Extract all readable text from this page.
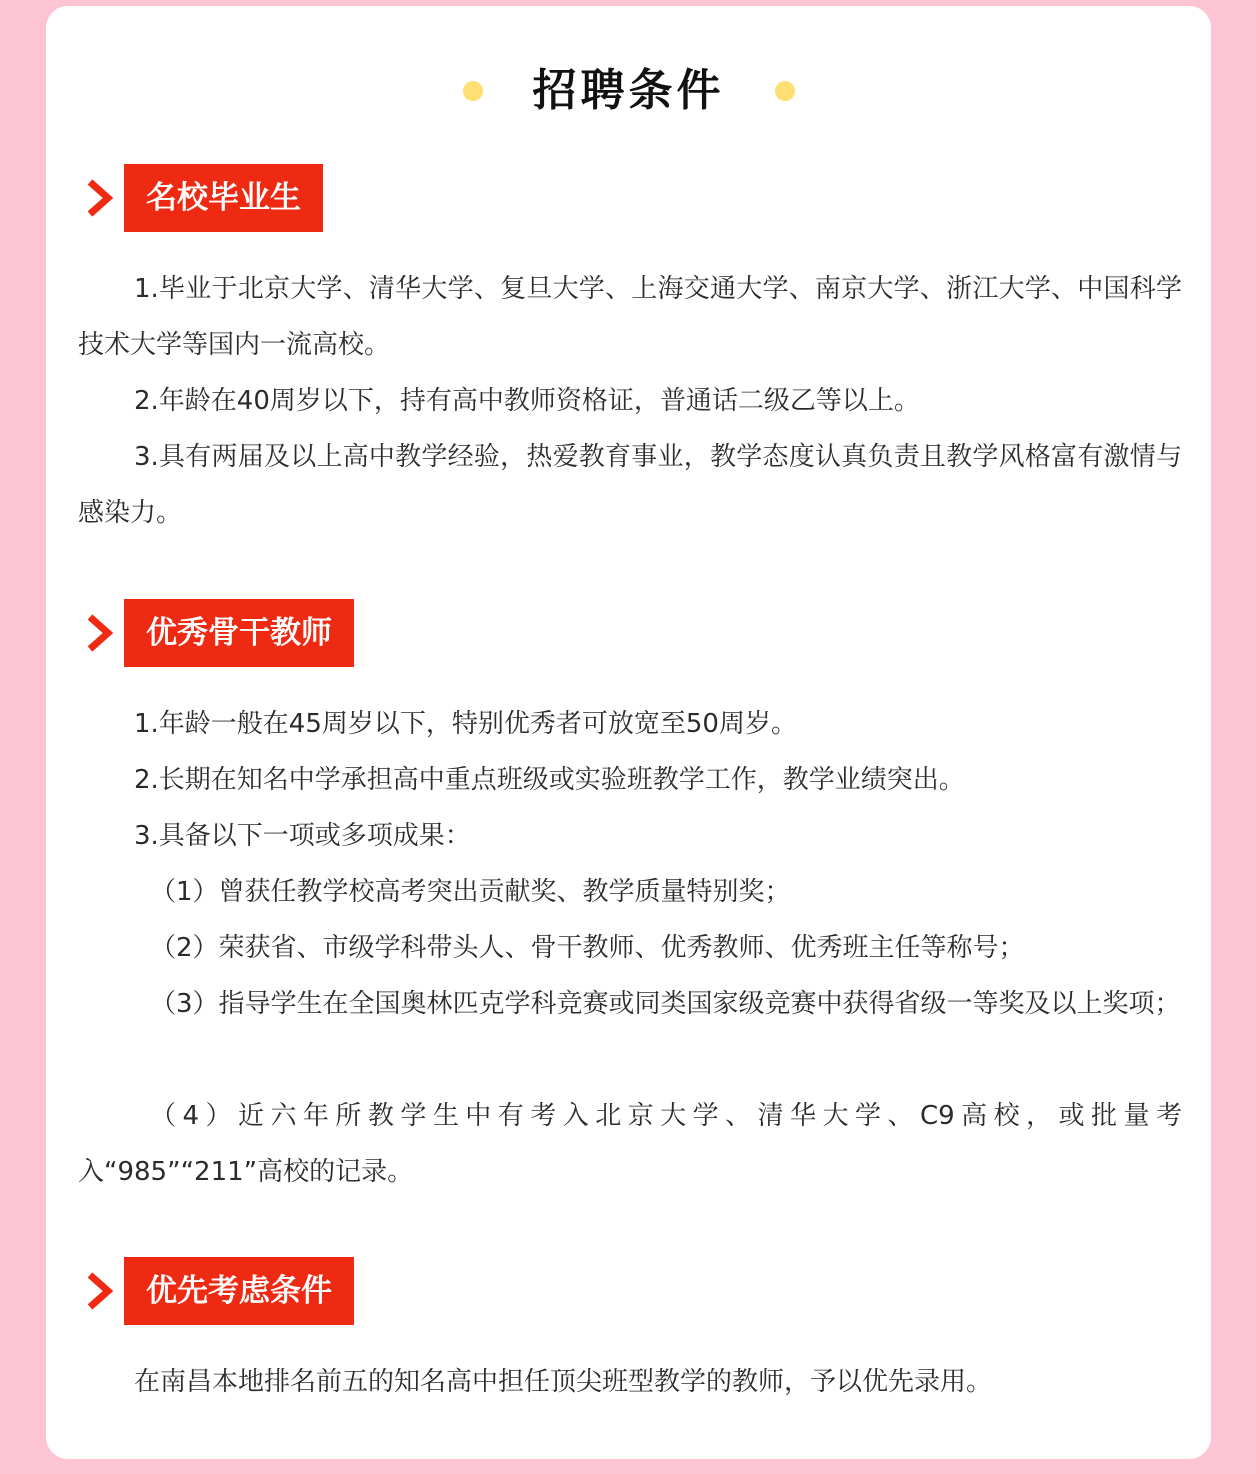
招聘条件
名校毕业生

1.毕业于北京大学、清华大学、复旦大学、上海交通大学、南京大学、浙江大学、中国科学技术大学等国内一流高校。

2.年龄在40周岁以下，持有高中教师资格证，普通话二级乙等以上。

3.具有两届及以上高中教学经验，热爱教育事业，教学态度认真负责且教学风格富有激情与感染力。

优秀骨干教师

1.年龄一般在45周岁以下，特别优秀者可放宽至50周岁。

2.长期在知名中学承担高中重点班级或实验班教学工作，教学业绩突出。

3.具备以下一项或多项成果：

（1）曾获任教学校高考突出贡献奖、教学质量特别奖；

（2）荣获省、市级学科带头人、骨干教师、优秀教师、优秀班主任等称号；

（3）指导学生在全国奥林匹克学科竞赛或同类国家级竞赛中获得省级一等奖及以上奖项；

（4）近六年所教学生中有考入北京大学、清华大学、C9高校，或批量考入“985”“211”高校的记录。

优先考虑条件

在南昌本地排名前五的知名高中担任顶尖班型教学的教师，予以优先录用。
